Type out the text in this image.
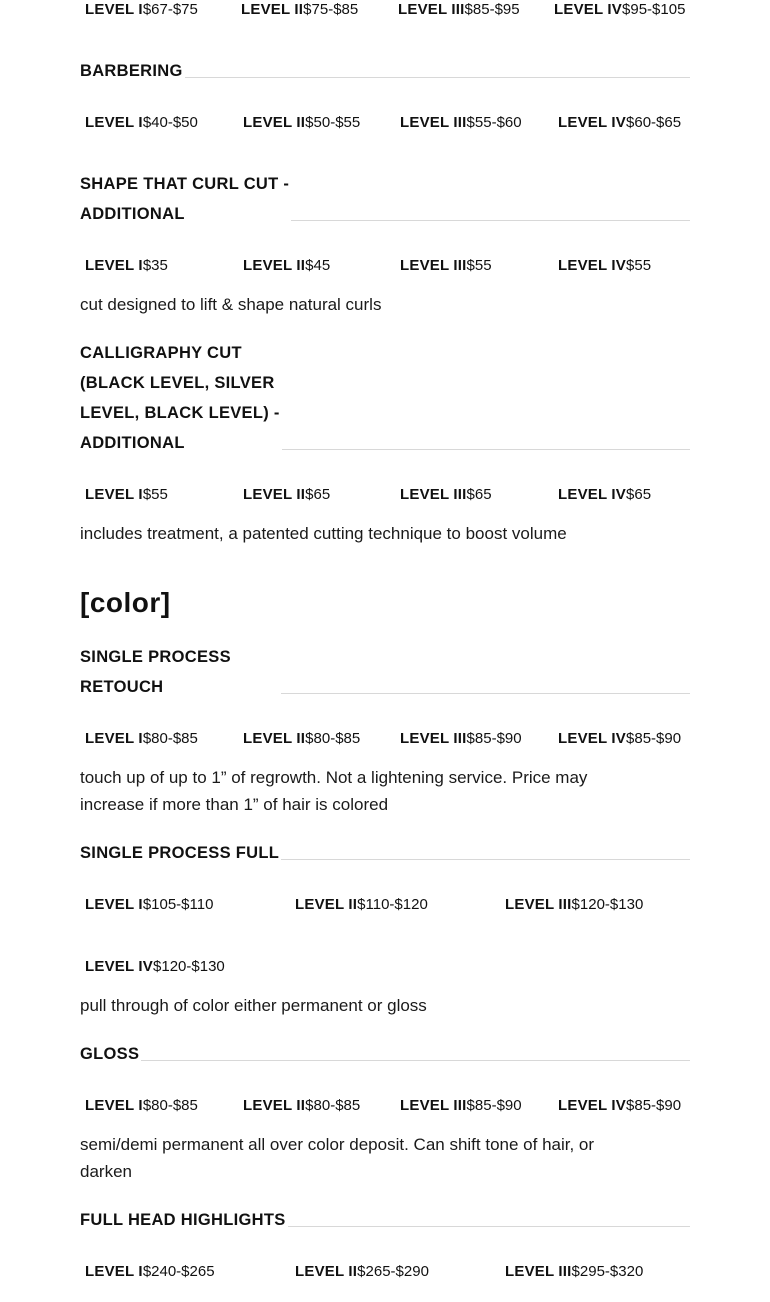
LEVEL I$67-$75	LEVEL II$75-$85	LEVEL III$85-$95	LEVEL IV$95-$105
BARBERING
LEVEL I$40-$50	LEVEL II$50-$55	LEVEL III$55-$60	LEVEL IV$60-$65
SHAPE THAT CURL CUT -
ADDITIONAL
LEVEL I$35	LEVEL II$45	LEVEL III$55	LEVEL IV$55
cut designed to lift & shape natural curls
CALLIGRAPHY CUT
(BLACK LEVEL, SILVER
LEVEL, BLACK LEVEL) -
ADDITIONAL
LEVEL I$55	LEVEL II$65	LEVEL III$65	LEVEL IV$65
includes treatment, a patented cutting technique to boost volume
[color]
SINGLE PROCESS
RETOUCH
LEVEL I$80-$85	LEVEL II$80-$85	LEVEL III$85-$90	LEVEL IV$85-$90
touch up of up to 1” of regrowth. Not a lightening service. Price may
increase if more than 1” of hair is colored
SINGLE PROCESS FULL
LEVEL I$105-$110	LEVEL II$110-$120	LEVEL III$120-$130
LEVEL IV$120-$130
pull through of color either permanent or gloss
GLOSS
LEVEL I$80-$85	LEVEL II$80-$85	LEVEL III$85-$90	LEVEL IV$85-$90
semi/demi permanent all over color deposit. Can shift tone of hair, or
darken
FULL HEAD HIGHLIGHTS
LEVEL I$240-$265	LEVEL II$265-$290	LEVEL III$295-$320
